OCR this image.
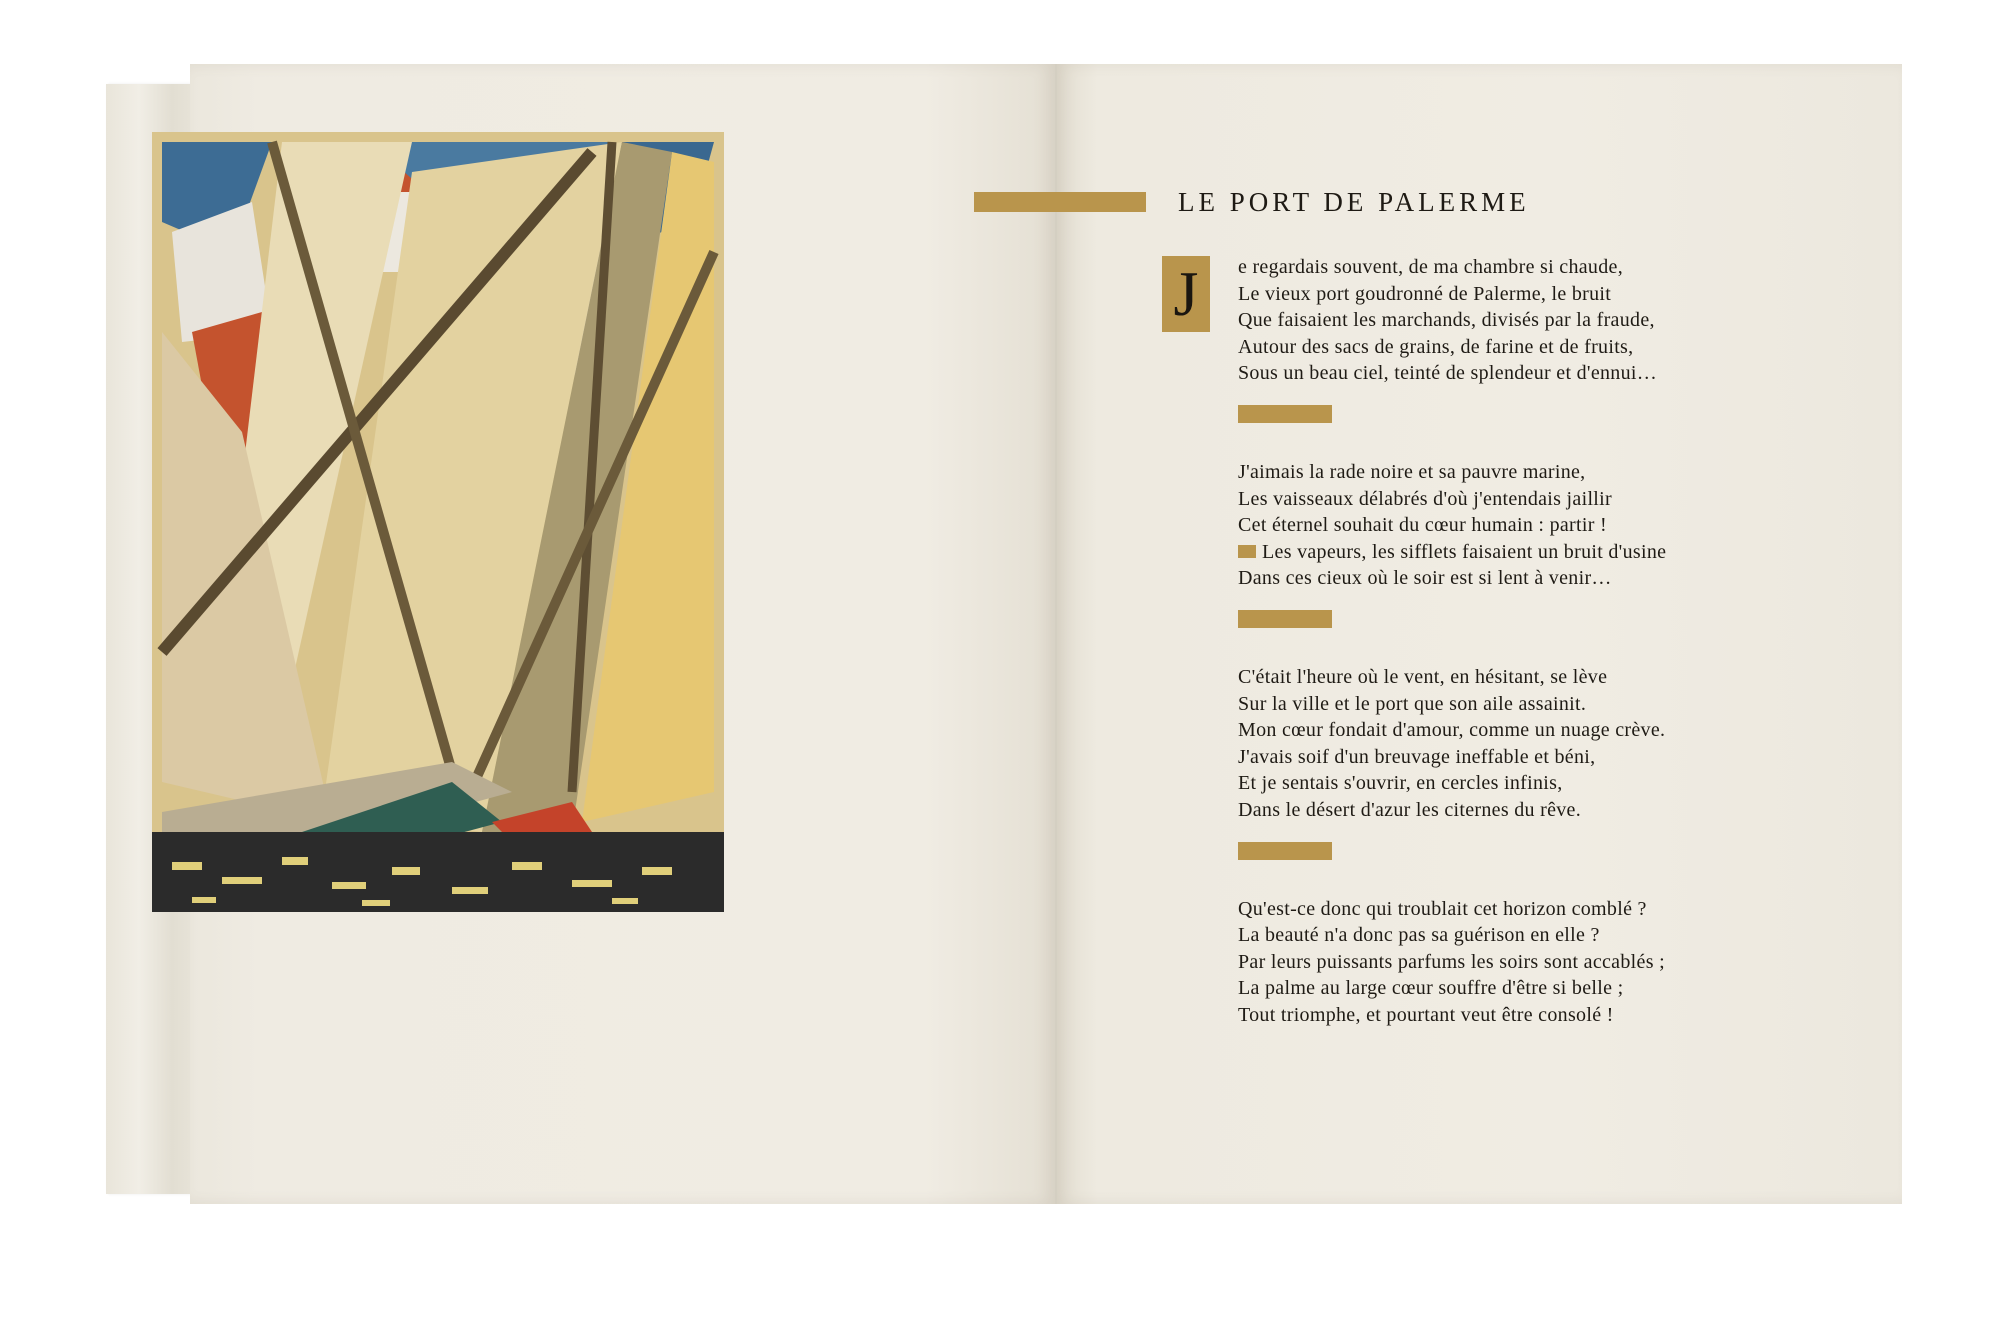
LE PORT DE PALERME
J e regardais souvent, de ma chambre si chaude,
Le vieux port goudronné de Palerme, le bruit
Que faisaient les marchands, divisés par la fraude,
Autour des sacs de grains, de farine et de fruits,
Sous un beau ciel, teinté de splendeur et d'ennui…
J'aimais la rade noire et sa pauvre marine,
Les vaisseaux délabrés d'où j'entendais jaillir
Cet éternel souhait du cœur humain : partir !
Les vapeurs, les sifflets faisaient un bruit d'usine
Dans ces cieux où le soir est si lent à venir…
C'était l'heure où le vent, en hésitant, se lève
Sur la ville et le port que son aile assainit.
Mon cœur fondait d'amour, comme un nuage crève.
J'avais soif d'un breuvage ineffable et béni,
Et je sentais s'ouvrir, en cercles infinis,
Dans le désert d'azur les citernes du rêve.
Qu'est-ce donc qui troublait cet horizon comblé ?
La beauté n'a donc pas sa guérison en elle ?
Par leurs puissants parfums les soirs sont accablés ;
La palme au large cœur souffre d'être si belle ;
Tout triomphe, et pourtant veut être consolé !
